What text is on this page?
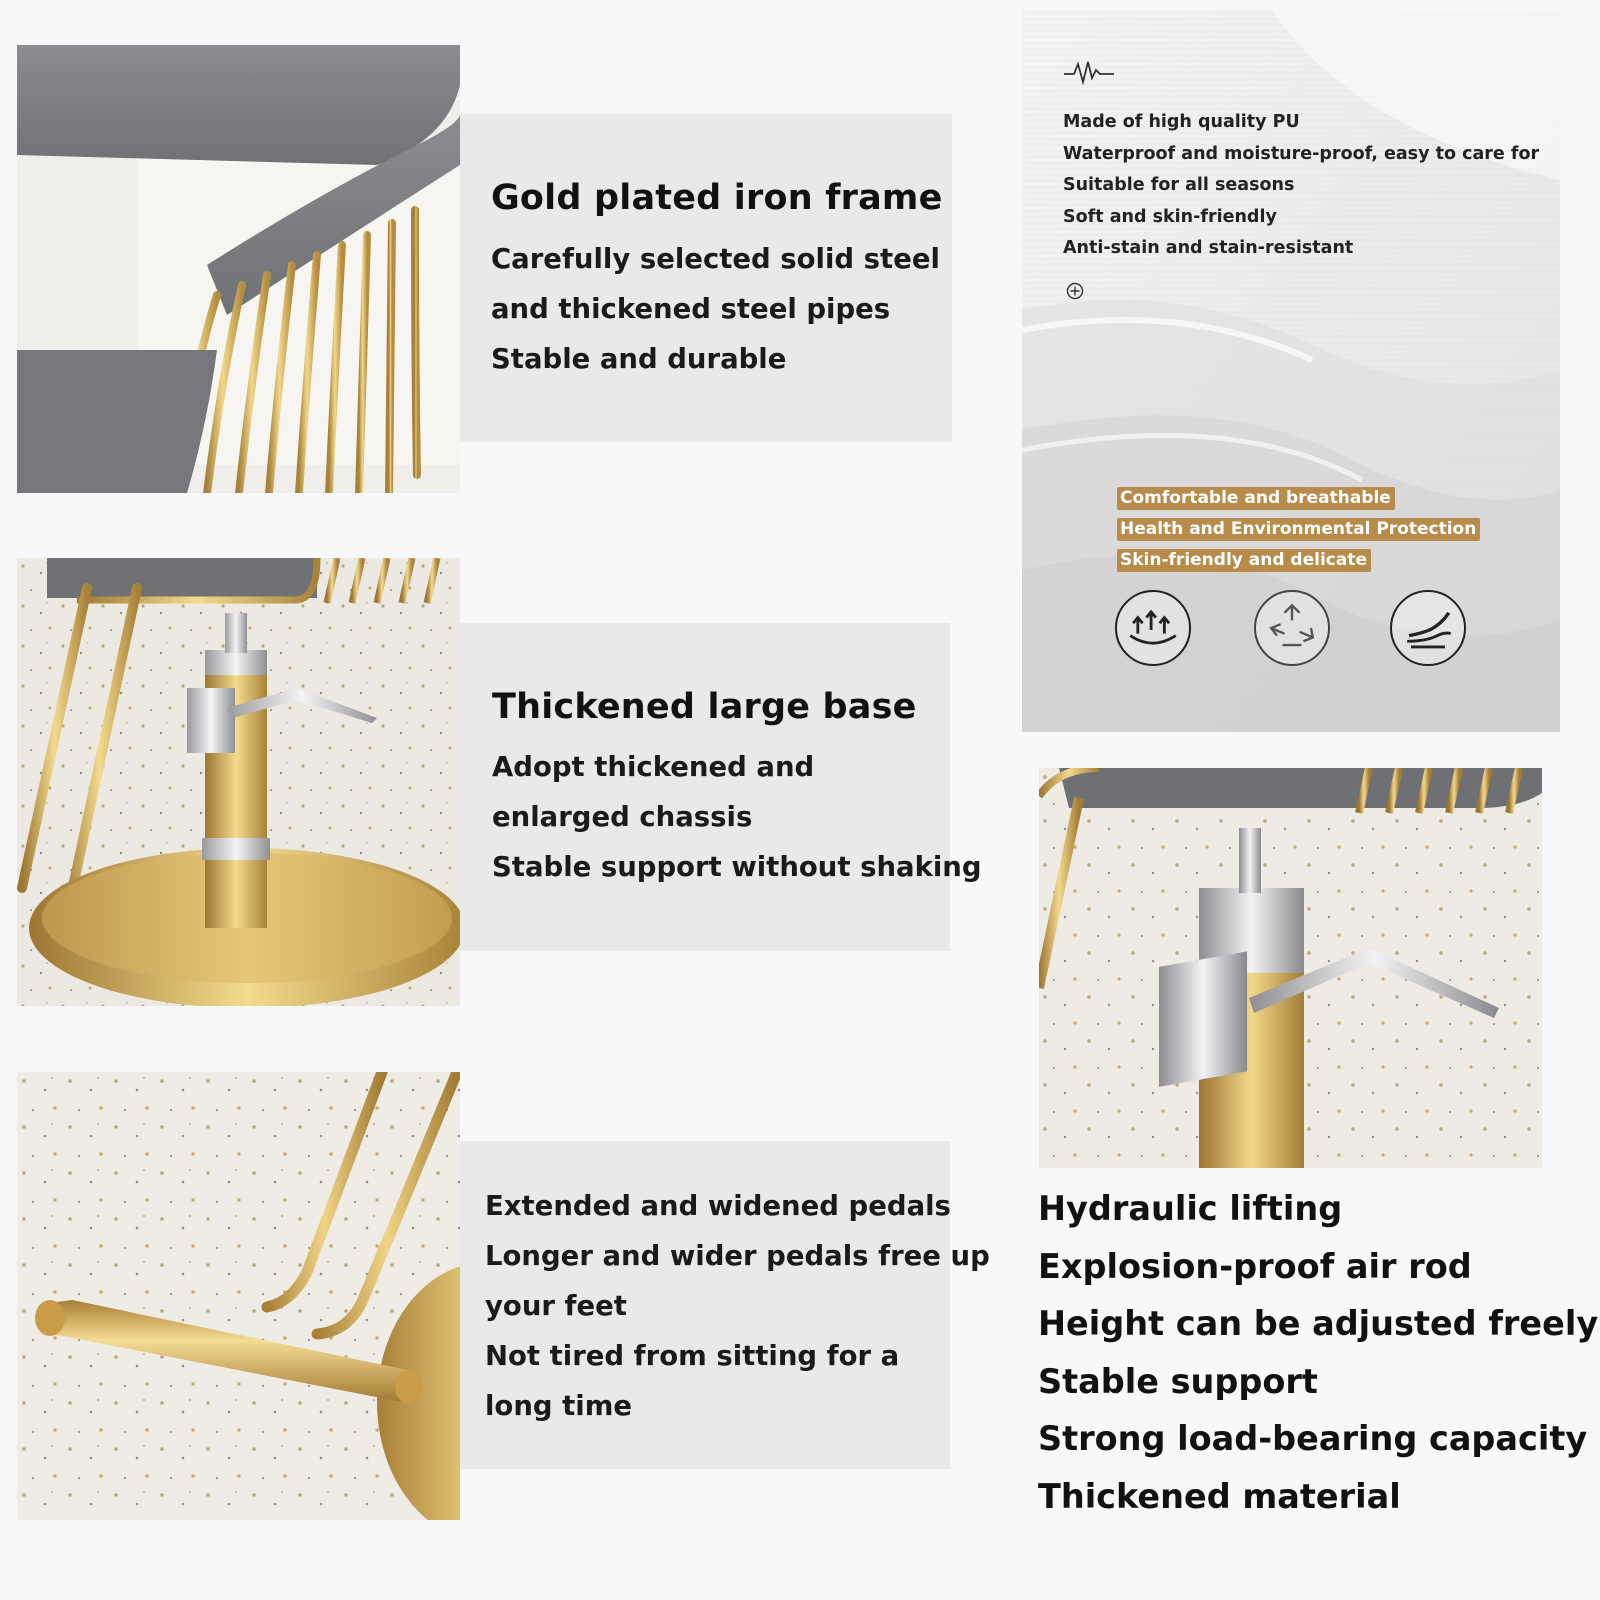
Gold plated iron frame
Carefully selected solid steel
and thickened steel pipes
Stable and durable
Thickened large base
Adopt thickened and
enlarged chassis
Stable support without shaking
Extended and widened pedals
Longer and wider pedals free up
your feet
Not tired from sitting for a
long time
Made of high quality PU
Waterproof and moisture-proof, easy to care for
Suitable for all seasons
Soft and skin-friendly
Anti-stain and stain-resistant
Comfortable and breathable
Health and Environmental Protection
Skin-friendly and delicate
Hydraulic lifting
Explosion-proof air rod
Height can be adjusted freely
Stable support
Strong load-bearing capacity
Thickened material
